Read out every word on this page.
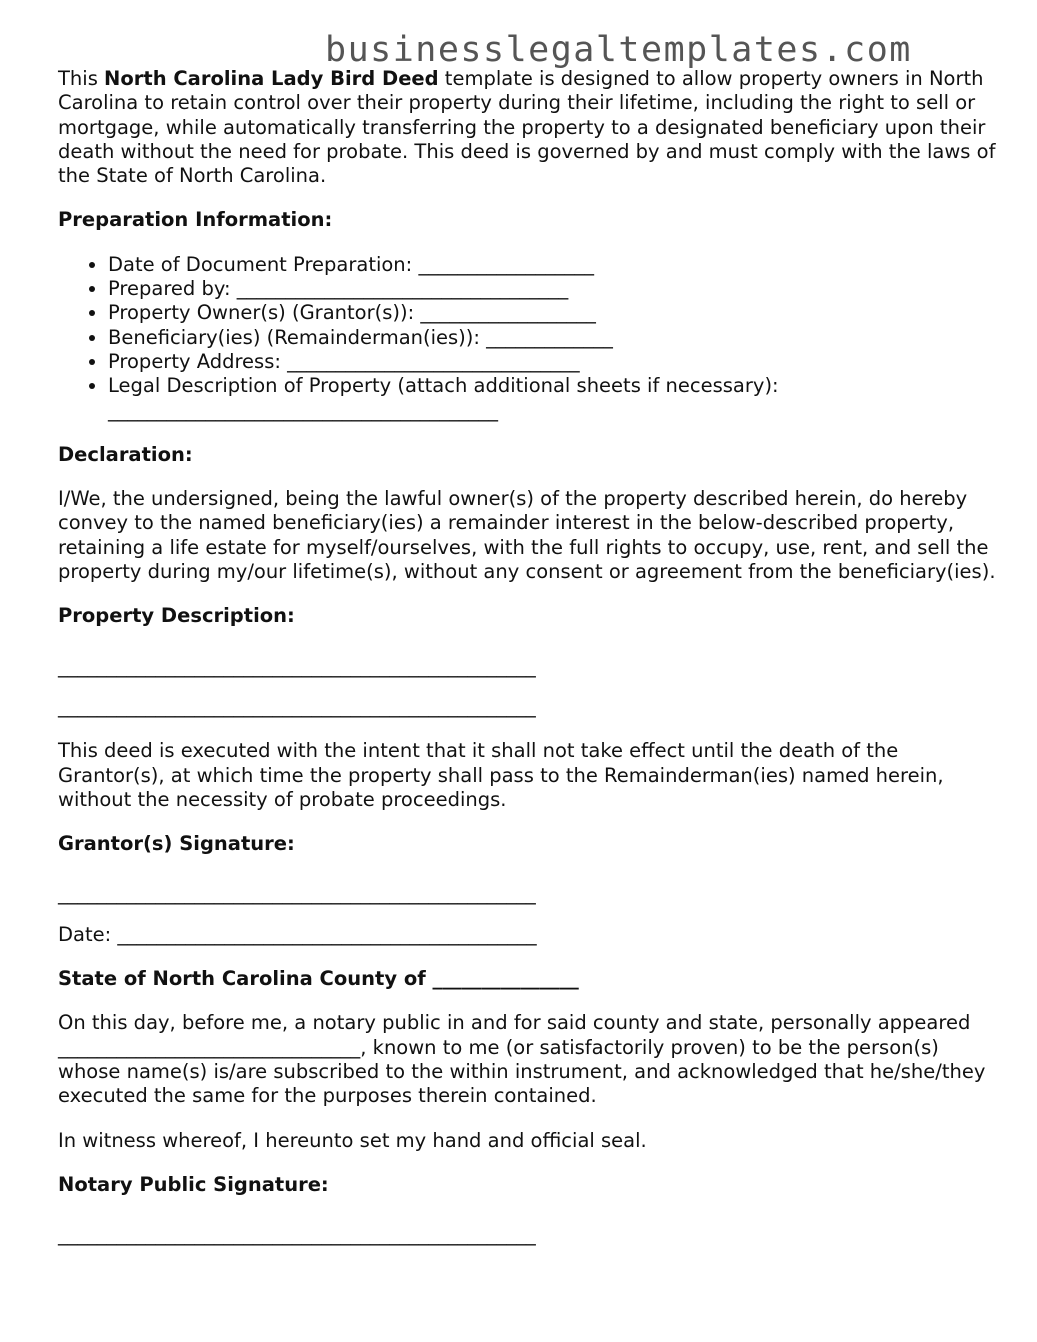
businesslegaltemplates.com

This North Carolina Lady Bird Deed template is designed to allow property owners in North Carolina to retain control over their property during their lifetime, including the right to sell or mortgage, while automatically transferring the property to a designated beneficiary upon their death without the need for probate. This deed is governed by and must comply with the laws of the State of North Carolina.

Preparation Information:
• Date of Document Preparation: __________________
• Prepared by: __________________________________
• Property Owner(s) (Grantor(s)): __________________
• Beneficiary(ies) (Remainderman(ies)): _____________
• Property Address: ______________________________
• Legal Description of Property (attach additional sheets if necessary): ________________________________________
Declaration:

I/We, the undersigned, being the lawful owner(s) of the property described herein, do hereby convey to the named beneficiary(ies) a remainder interest in the below-described property, retaining a life estate for myself/ourselves, with the full rights to occupy, use, rent, and sell the property during my/our lifetime(s), without any consent or agreement from the beneficiary(ies).

Property Description:
_________________________________________________
_________________________________________________

This deed is executed with the intent that it shall not take effect until the death of the Grantor(s), at which time the property shall pass to the Remainderman(ies) named herein, without the necessity of probate proceedings.

Grantor(s) Signature:
_________________________________________________

Date: ___________________________________________

State of North Carolina County of _______________

On this day, before me, a notary public in and for said county and state, personally appeared _______________________________, known to me (or satisfactorily proven) to be the person(s) whose name(s) is/are subscribed to the within instrument, and acknowledged that he/she/they executed the same for the purposes therein contained.

In witness whereof, I hereunto set my hand and official seal.

Notary Public Signature:
_________________________________________________
